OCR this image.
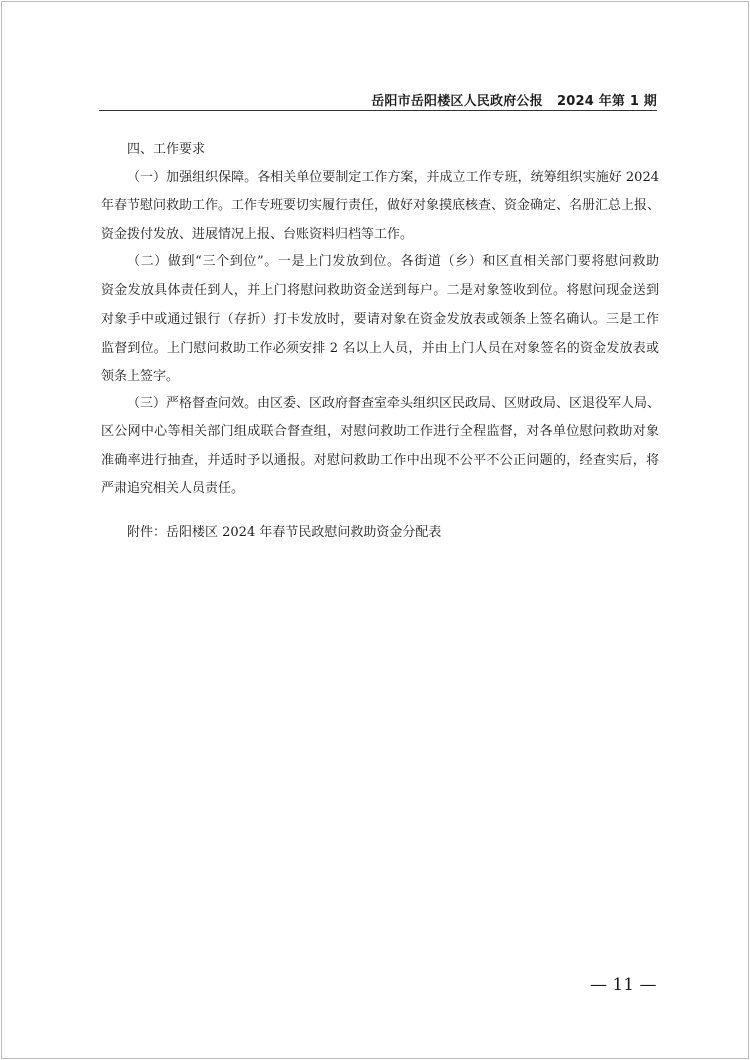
岳阳市岳阳楼区人民政府公报 2024 年第 1 期
四、工作要求
（一）加强组织保障。各相关单位要制定工作方案，并成立工作专班，统筹组织实施好 2024
年春节慰问救助工作。工作专班要切实履行责任，做好对象摸底核查、资金确定、名册汇总上报、
资金拨付发放、进展情况上报、台账资料归档等工作。
（二）做到“三个到位”。一是上门发放到位。各街道（乡）和区直相关部门要将慰问救助
资金发放具体责任到人，并上门将慰问救助资金送到每户。二是对象签收到位。将慰问现金送到
对象手中或通过银行（存折）打卡发放时，要请对象在资金发放表或领条上签名确认。三是工作
监督到位。上门慰问救助工作必须安排 2 名以上人员，并由上门人员在对象签名的资金发放表或
领条上签字。
（三）严格督查问效。由区委、区政府督查室牵头组织区民政局、区财政局、区退役军人局、
区公网中心等相关部门组成联合督查组，对慰问救助工作进行全程监督，对各单位慰问救助对象
准确率进行抽查，并适时予以通报。对慰问救助工作中出现不公平不公正问题的，经查实后，将
严肃追究相关人员责任。
附件：岳阳楼区 2024 年春节民政慰问救助资金分配表
— 11 —
